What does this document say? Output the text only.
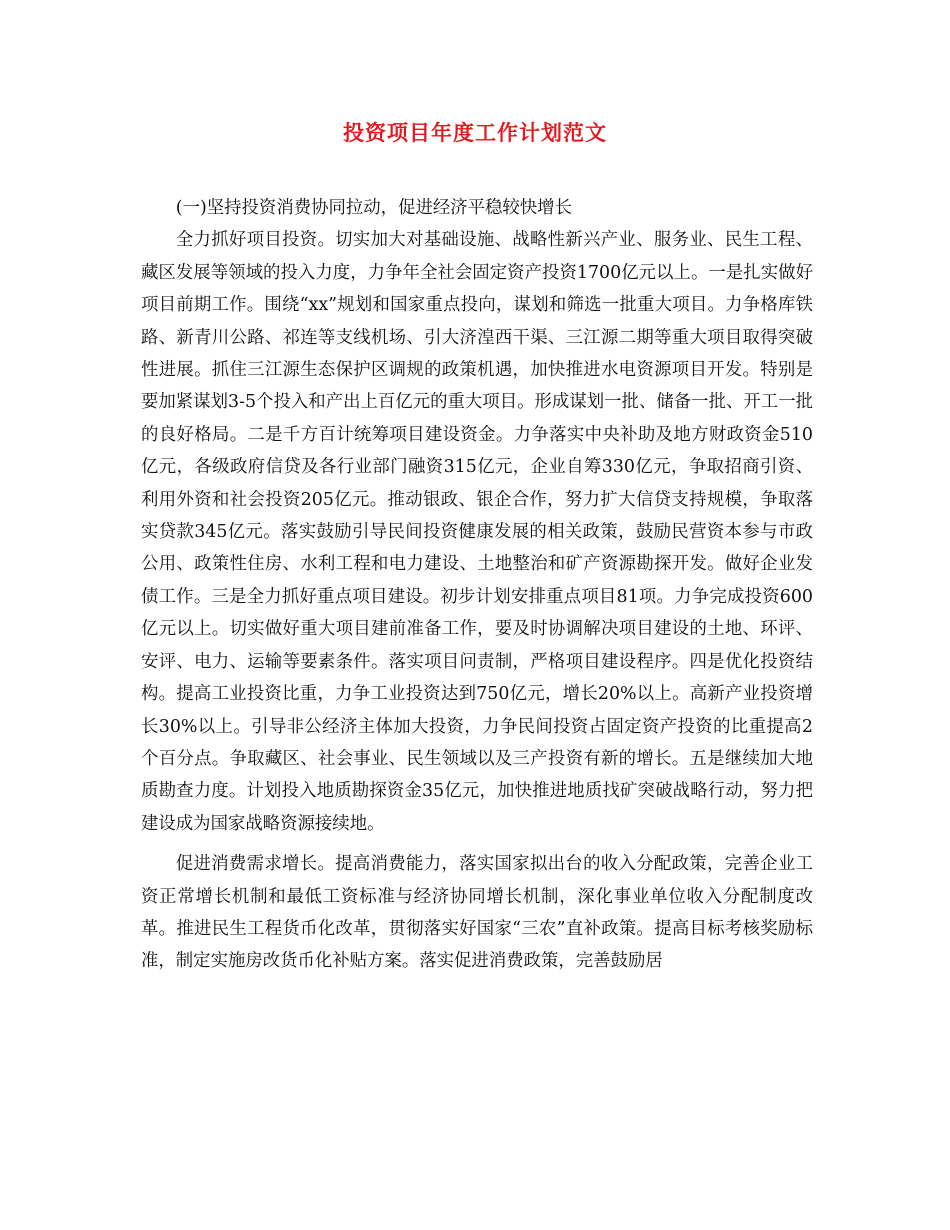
投资项目年度工作计划范文

(一)坚持投资消费协同拉动，促进经济平稳较快增长

全力抓好项目投资。切实加大对基础设施、战略性新兴产业、服务业、民生工程、藏区发展等领域的投入力度，力争年全社会固定资产投资1700亿元以上。一是扎实做好项目前期工作。围绕“xx”规划和国家重点投向，谋划和筛选一批重大项目。力争格库铁路、新青川公路、祁连等支线机场、引大济湟西干渠、三江源二期等重大项目取得突破性进展。抓住三江源生态保护区调规的政策机遇，加快推进水电资源项目开发。特别是要加紧谋划3-5个投入和产出上百亿元的重大项目。形成谋划一批、储备一批、开工一批的良好格局。二是千方百计统筹项目建设资金。力争落实中央补助及地方财政资金510亿元，各级政府信贷及各行业部门融资315亿元，企业自筹330亿元，争取招商引资、利用外资和社会投资205亿元。推动银政、银企合作，努力扩大信贷支持规模，争取落实贷款345亿元。落实鼓励引导民间投资健康发展的相关政策，鼓励民营资本参与市政公用、政策性住房、水利工程和电力建设、土地整治和矿产资源勘探开发。做好企业发债工作。三是全力抓好重点项目建设。初步计划安排重点项目81项。力争完成投资600亿元以上。切实做好重大项目建前准备工作，要及时协调解决项目建设的土地、环评、安评、电力、运输等要素条件。落实项目问责制，严格项目建设程序。四是优化投资结构。提高工业投资比重，力争工业投资达到750亿元，增长20%以上。高新产业投资增长30%以上。引导非公经济主体加大投资，力争民间投资占固定资产投资的比重提高2个百分点。争取藏区、社会事业、民生领域以及三产投资有新的增长。五是继续加大地质勘查力度。计划投入地质勘探资金35亿元，加快推进地质找矿突破战略行动，努力把建设成为国家战略资源接续地。

促进消费需求增长。提高消费能力，落实国家拟出台的收入分配政策，完善企业工资正常增长机制和最低工资标准与经济协同增长机制，深化事业单位收入分配制度改革。推进民生工程货币化改革，贯彻落实好国家“三农”直补政策。提高目标考核奖励标准，制定实施房改货币化补贴方案。落实促进消费政策，完善鼓励居
